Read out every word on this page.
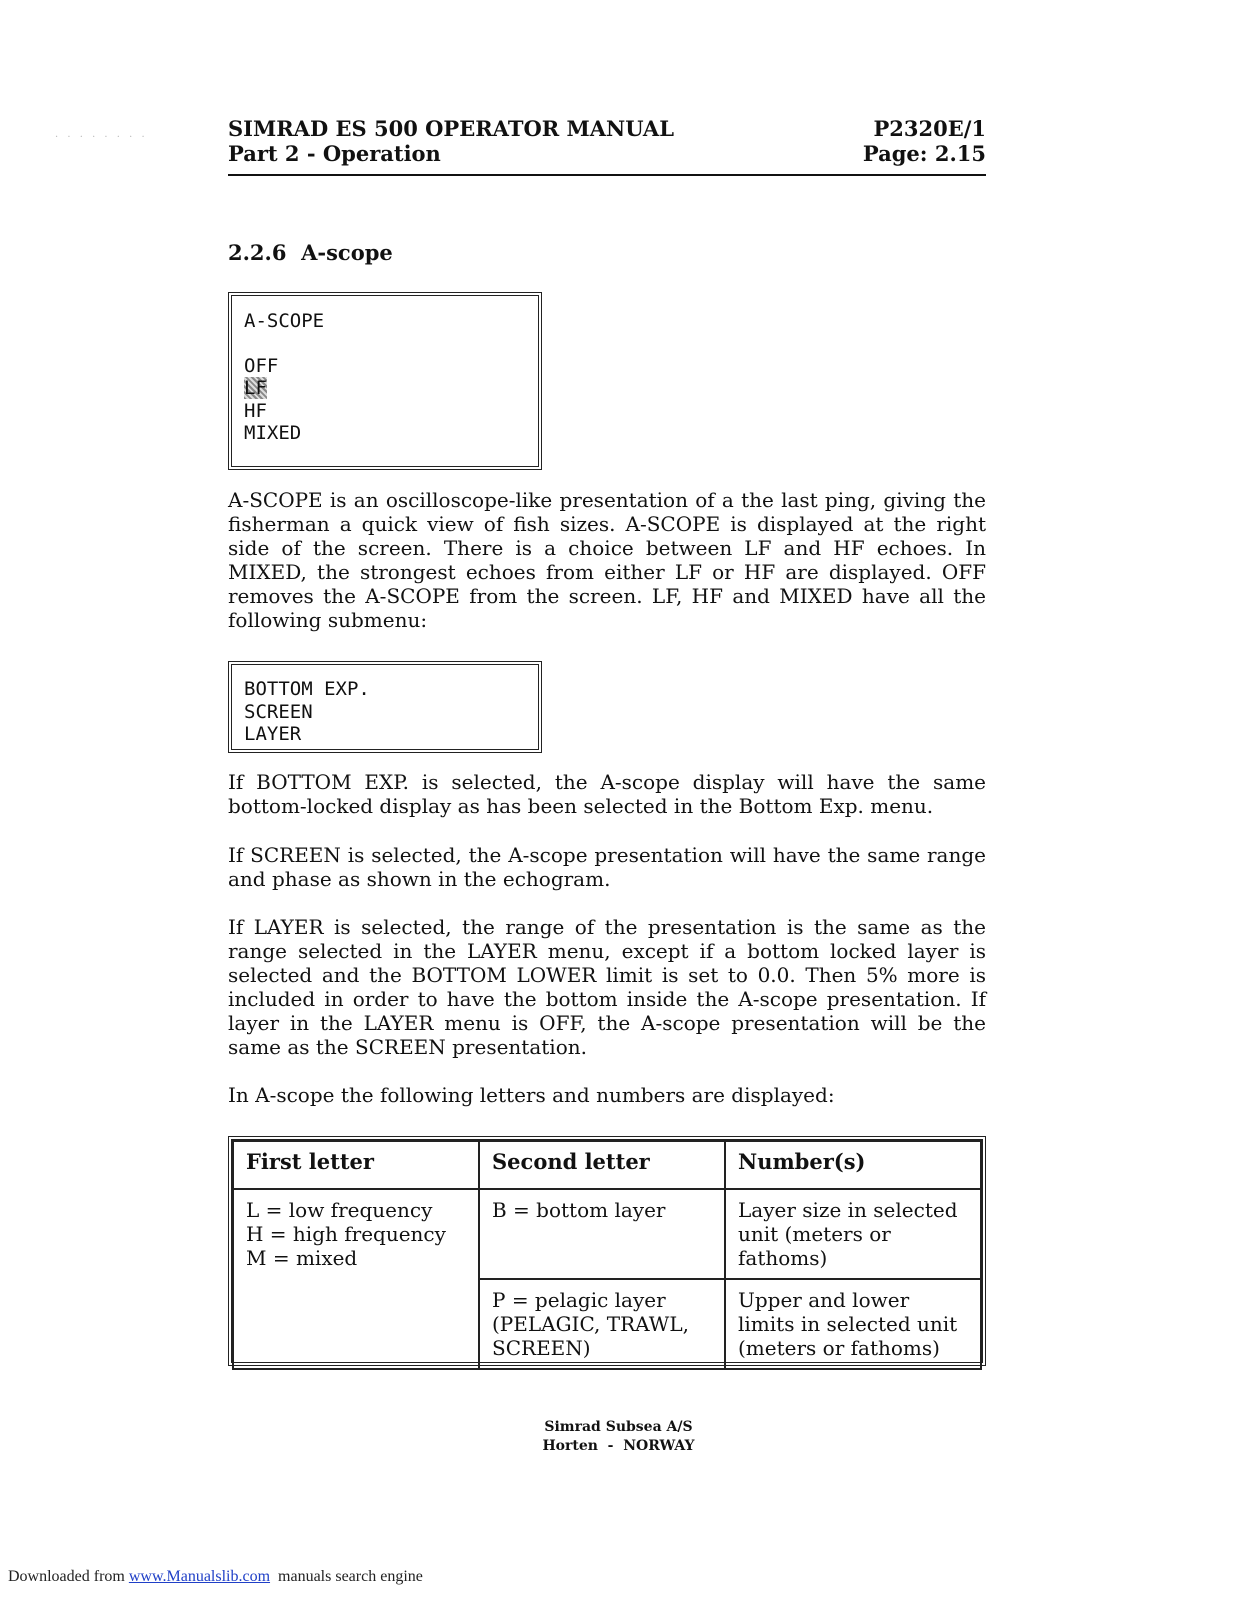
· · · · · · · ·	SIMRAD ES 500 OPERATOR MANUAL
Part 2 - Operation
P2320E/1
Page: 2.15
2.2.6 A-scope
A-SCOPE
OFF
LF
HF
MIXED

A-SCOPE is an oscilloscope-like presentation of a the last ping, giving the fisherman a quick view of fish sizes. A-SCOPE is displayed at the right side of the screen. There is a choice between LF and HF echoes. In MIXED, the strongest echoes from either LF or HF are displayed. OFF removes the A-SCOPE from the screen. LF, HF and MIXED have all the following submenu:

BOTTOM EXP.
SCREEN
LAYER

If BOTTOM EXP. is selected, the A-scope display will have the same bottom-locked display as has been selected in the Bottom Exp. menu.

If SCREEN is selected, the A-scope presentation will have the same range and phase as shown in the echogram.

If LAYER is selected, the range of the presentation is the same as the range selected in the LAYER menu, except if a bottom locked layer is selected and the BOTTOM LOWER limit is set to 0.0. Then 5% more is included in order to have the bottom inside the A-scope presentation. If layer in the LAYER menu is OFF, the A-scope presentation will be the same as the SCREEN presentation.

In A-scope the following letters and numbers are displayed:

First letter	Second letter	Number(s)

L = low frequency
H = high frequency
M = mixed	B = bottom layer	Layer size in selected
unit (meters or
fathoms)

	P = pelagic layer
(PELAGIC, TRAWL,
SCREEN)	Upper and lower
limits in selected unit
(meters or fathoms)
Simrad Subsea A/S
Horten  -  NORWAY
Downloaded from www.Manualslib.com  manuals search engine
